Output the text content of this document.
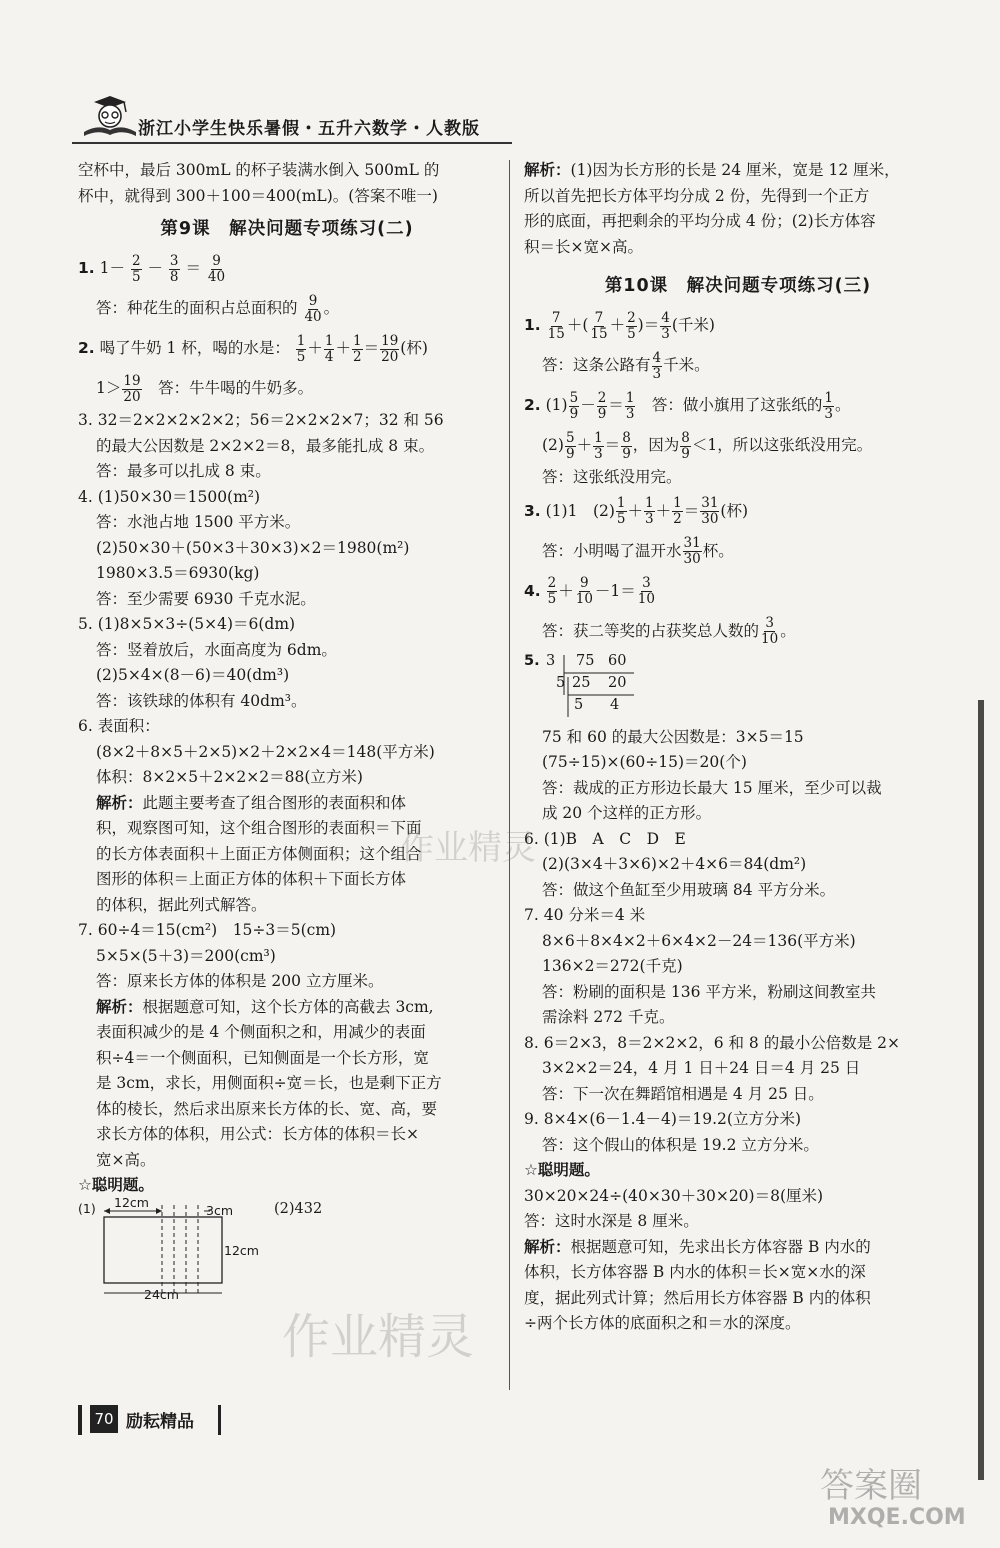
浙江小学生快乐暑假・五升六数学・人教版
空杯中，最后 300mL 的杯子装满水倒入 500mL 的
杯中，就得到 300＋100＝400(mL)。(答案不唯一)
第9课　解决问题专项练习(二)
1. $1- \frac{2}{5} - \frac{3}{8} = \frac{9}{40}$
答：种花生的面积占总面积的 $\frac{9}{40}$ 。
2. 喝了牛奶 1 杯，喝的水是： $\frac{1}{5} + \frac{1}{4} + \frac{1}{2} = \frac{19}{20}$ (杯)
$1> \frac{19}{20}$ 　答：牛牛喝的牛奶多。
3. 32＝2×2×2×2×2；56＝2×2×2×7；32 和 56
的最大公因数是 2×2×2＝8，最多能扎成 8 束。
答：最多可以扎成 8 束。
4. (1)50×30＝1500(m²)
答：水池占地 1500 平方米。
(2)50×30＋(50×3＋30×3)×2＝1980(m²)
1980×3.5＝6930(kg)
答：至少需要 6930 千克水泥。
5. (1)8×5×3÷(5×4)＝6(dm)
答：竖着放后，水面高度为 6dm。
(2)5×4×(8－6)＝40(dm³)
答：该铁球的体积有 40dm³。
6. 表面积：
(8×2＋8×5＋2×5)×2＋2×2×4＝148(平方米)
体积：8×2×5＋2×2×2＝88(立方米)
解析：此题主要考查了组合图形的表面积和体
积，观察图可知，这个组合图形的表面积＝下面
的长方体表面积＋上面正方体侧面积；这个组合
图形的体积＝上面正方体的体积＋下面长方体
的体积，据此列式解答。
7. 60÷4＝15(cm²)　15÷3＝5(cm)
5×5×(5＋3)＝200(cm³)
答：原来长方体的体积是 200 立方厘米。
解析：根据题意可知，这个长方体的高截去 3cm,
表面积减少的是 4 个侧面积之和，用减少的表面
积÷4＝一个侧面积，已知侧面是一个长方形，宽
是 3cm，求长，用侧面积÷宽＝长，也是剩下正方
体的棱长，然后求出原来长方体的长、宽、高，要
求长方体的体积，用公式：长方体的体积＝长×
宽×高。
☆聪明题。
(1)	(2)432
12cm
3cm
12cm
24cm
解析：(1)因为长方形的长是 24 厘米，宽是 12 厘米，
所以首先把长方体平均分成 2 份，先得到一个正方
形的底面，再把剩余的平均分成 4 份；(2)长方体容
积＝长×宽×高。
第10课　解决问题专项练习(三)
1. $\frac{7}{15}$ ＋( $\frac{7}{15} + \frac{2}{5}$ )＝ $\frac{4}{3}$ (千米)
答：这条公路有 $\frac{4}{3}$ 千米。
2. $(1) \frac{5}{9} - \frac{2}{9} = \frac{1}{3}$ 　答：做小旗用了这张纸的 $\frac{1}{3}$ 。
$(2) \frac{5}{9} + \frac{1}{3} = \frac{8}{9}$ ，因为 $\frac{8}{9} <1$，所以这张纸没用完。
答：这张纸没用完。
3. (1)1　$(2) \frac{1}{5} + \frac{1}{3} + \frac{1}{2} = \frac{31}{30}$ (杯)
答：小明喝了温开水 $\frac{31}{30}$ 杯。
4. $\frac{2}{5} + \frac{9}{10} -1= \frac{3}{10}$
答：获二等奖的占获奖总人数的 $\frac{3}{10}$ 。
5. 3 75 60
5 25 20
5 4
75 和 60 的最大公因数是：3×5＝15
(75÷15)×(60÷15)＝20(个)
答：裁成的正方形边长最大 15 厘米，至少可以裁
成 20 个这样的正方形。
6. (1)B　A　C　D　E
(2)(3×4＋3×6)×2＋4×6＝84(dm²)
答：做这个鱼缸至少用玻璃 84 平方分米。
7. 40 分米＝4 米
8×6＋8×4×2＋6×4×2－24＝136(平方米)
136×2＝272(千克)
答：粉刷的面积是 136 平方米，粉刷这间教室共
需涂料 272 千克。
8. 6＝2×3，8＝2×2×2，6 和 8 的最小公倍数是 2×
3×2×2＝24，4 月 1 日＋24 日＝4 月 25 日
答：下一次在舞蹈馆相遇是 4 月 25 日。
9. 8×4×(6－1.4－4)＝19.2(立方分米)
答：这个假山的体积是 19.2 立方分米。
☆聪明题。
30×20×24÷(40×30＋30×20)＝8(厘米)
答：这时水深是 8 厘米。
解析：根据题意可知，先求出长方体容器 B 内水的
体积，长方体容器 B 内水的体积＝长×宽×水的深
度，据此列式计算；然后用长方体容器 B 内的体积
÷两个长方体的底面积之和＝水的深度。
作业精灵
作业精灵
答案圈
MXQE.COM
70 励耘精品
